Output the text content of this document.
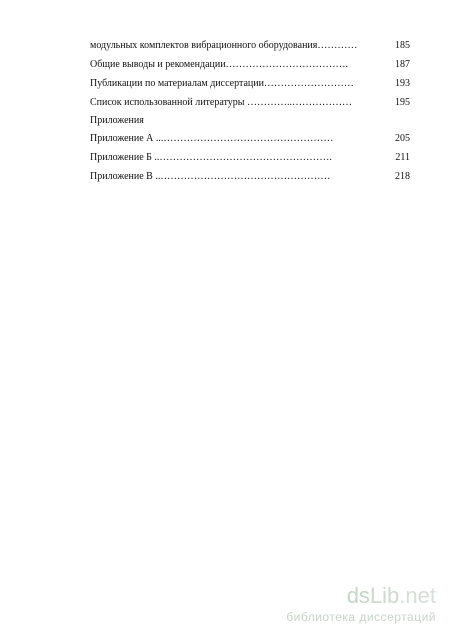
модульных комплектов вибрационного оборудования…………	185
Общие выводы и рекомендации……………………………….	187
Публикации по материалам диссертации………………………	193
Список использованной литературы …………..………………	195
Приложения
Приложение А ...……………………………………………	205
Приложение Б ..…………………………………………….	211
Приложение В ..……………………………………………	218
dsLib.net
библиотека диссертаций
